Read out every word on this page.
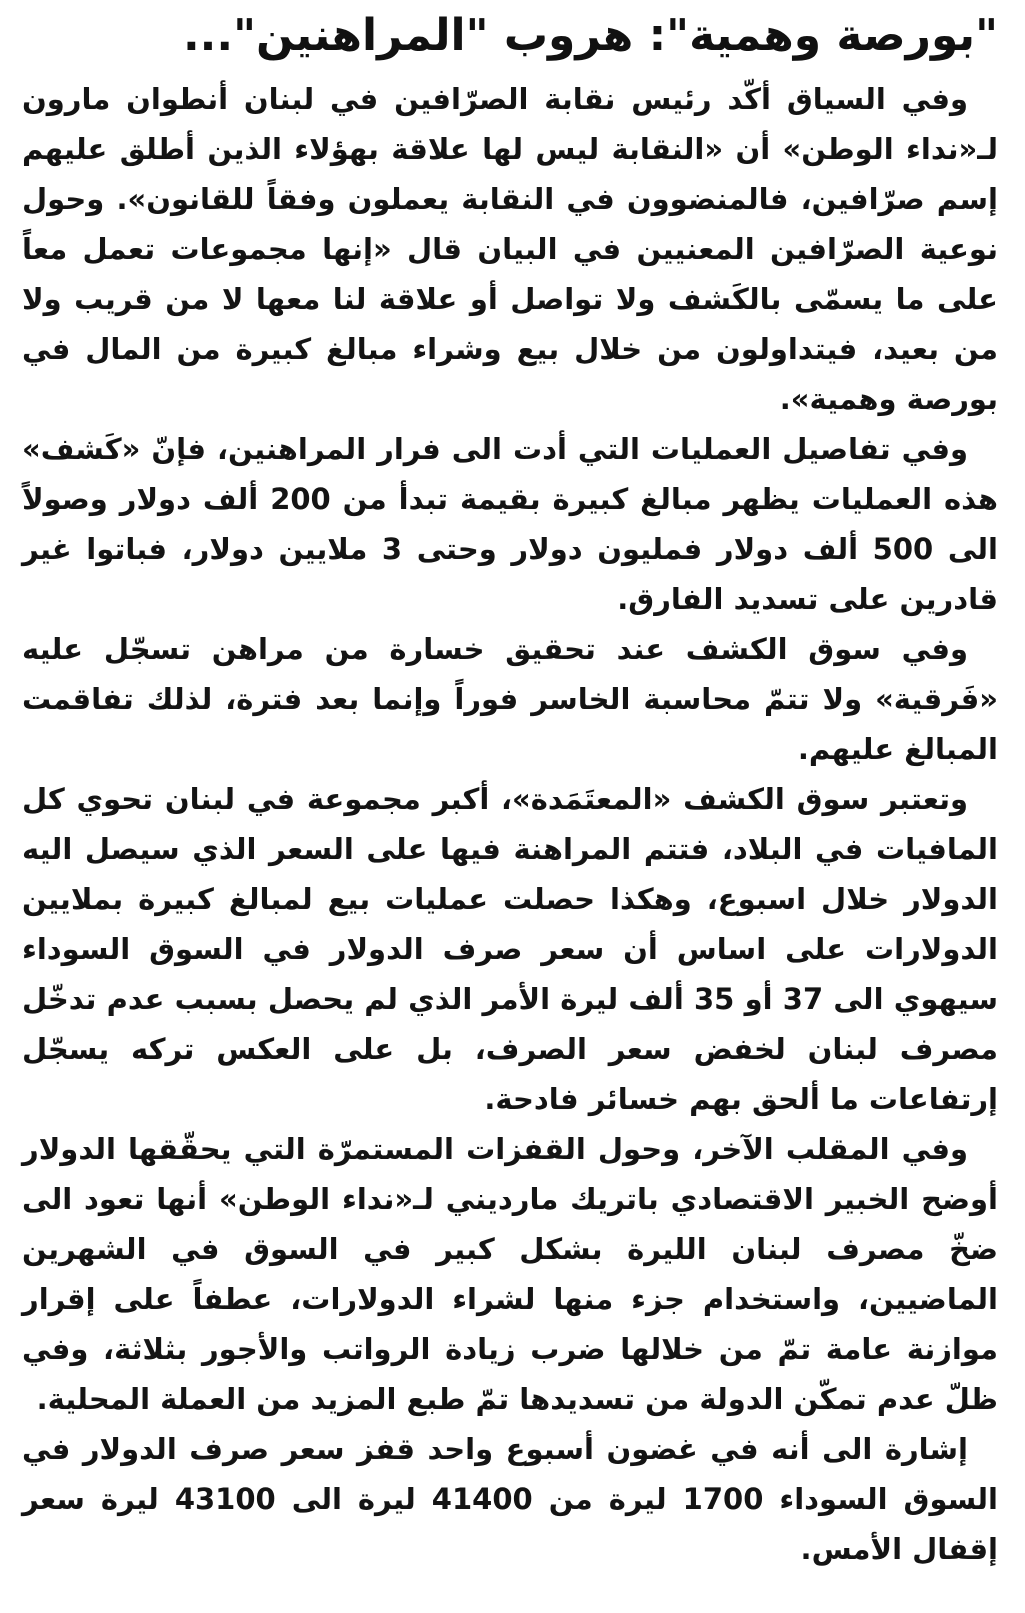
"بورصة وهمية": هروب "المراهنين"...

وفي السياق أكّد رئيس نقابة الصرّافين في لبنان أنطوان مارون لـ«نداء الوطن» أن «النقابة ليس لها علاقة بهؤلاء الذين أطلق عليهم إسم صرّافين، فالمنضوون في النقابة يعملون وفقاً للقانون». وحول نوعية الصرّافين المعنيين في البيان قال «إنها مجموعات تعمل معاً على ما يسمّى بالكَشف ولا تواصل أو علاقة لنا معها لا من قريب ولا من بعيد، فيتداولون من خلال بيع وشراء مبالغ كبيرة من المال في بورصة وهمية».

وفي تفاصيل العمليات التي أدت الى فرار المراهنين، فإنّ «كَشف» هذه العمليات يظهر مبالغ كبيرة بقيمة تبدأ من 200 ألف دولار وصولاً الى 500 ألف دولار فمليون دولار وحتى 3 ملايين دولار، فباتوا غير قادرين على تسديد الفارق.

وفي سوق الكشف عند تحقيق خسارة من مراهن تسجّل عليه «فَرقية» ولا تتمّ محاسبة الخاسر فوراً وإنما بعد فترة، لذلك تفاقمت المبالغ عليهم.

وتعتبر سوق الكشف «المعتَمَدة»، أكبر مجموعة في لبنان تحوي كل المافيات في البلاد، فتتم المراهنة فيها على السعر الذي سيصل اليه الدولار خلال اسبوع، وهكذا حصلت عمليات بيع لمبالغ كبيرة بملايين الدولارات على اساس أن سعر صرف الدولار في السوق السوداء سيهوي الى 37 أو 35 ألف ليرة الأمر الذي لم يحصل بسبب عدم تدخّل مصرف لبنان لخفض سعر الصرف، بل على العكس تركه يسجّل إرتفاعات ما ألحق بهم خسائر فادحة.

وفي المقلب الآخر، وحول القفزات المستمرّة التي يحقّقها الدولار أوضح الخبير الاقتصادي باتريك مارديني لـ«نداء الوطن» أنها تعود الى ضخّ مصرف لبنان الليرة بشكل كبير في السوق في الشهرين الماضيين، واستخدام جزء منها لشراء الدولارات، عطفاً على إقرار موازنة عامة تمّ من خلالها ضرب زيادة الرواتب والأجور بثلاثة، وفي ظلّ عدم تمكّن الدولة من تسديدها تمّ طبع المزيد من العملة المحلية.

إشارة الى أنه في غضون أسبوع واحد قفز سعر صرف الدولار في السوق السوداء 1700 ليرة من 41400 ليرة الى 43100 ليرة سعر إقفال الأمس.
